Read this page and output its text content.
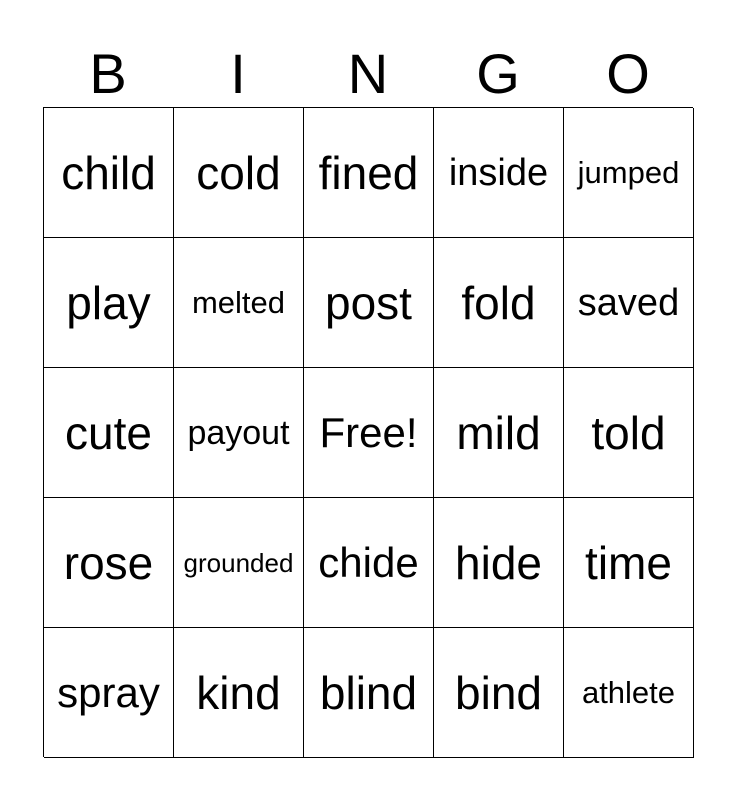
B	I	N	G	O
child cold fined inside jumped
play melted post fold saved
cute payout Free! mild told
rose grounded chide hide time
spray kind blind bind athlete
